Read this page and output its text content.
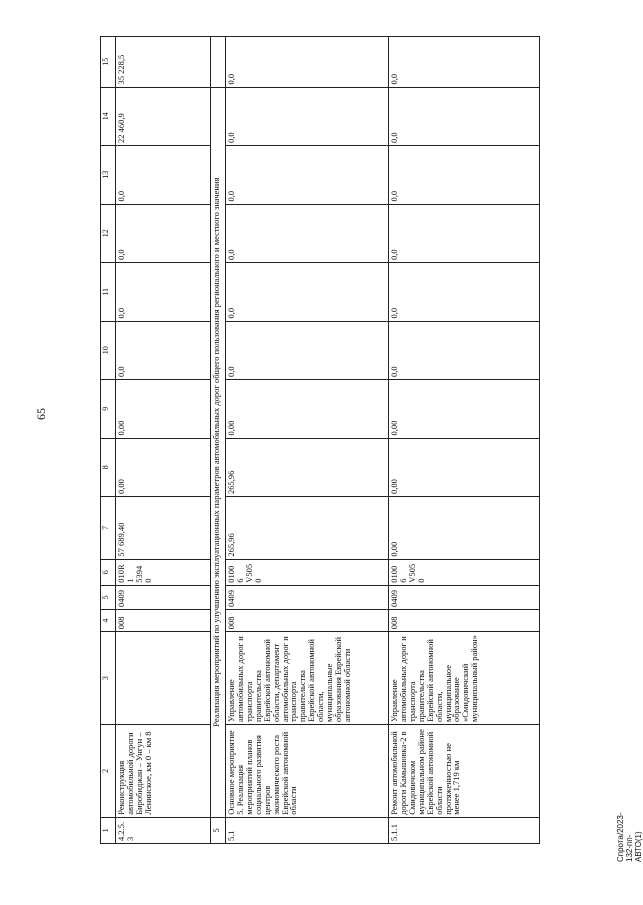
65
Спрота/2023-132-пп-АВТО(1)
1	2	3	4	5	6	7	8	9	10	11	12	13	14	15
4.2.5.3	Реконструкция автомобильной дороги Биробиджан – Унгун – Ленинское, км 0 – км 8		008	0409	010R1 53940	57 689,40	0,00	0,00	0,0	0,0	0,0	0,0	22 460,9	35 228,5
5	Реализация мероприятий по улучшению эксплуатационных параметров автомобильных дорог общего пользования регионального и местного значения													
5.1	Основное мероприятие 5. Реализация мероприятий планов социального развития центров экономического роста Еврейской автономной области	Управление автомобильных дорог и транспорта правительства Еврейской автономной области, департамент автомобильных дорог и транспорта правительства Еврейской автономной области, муниципальные образования Еврейской автономной области	008	0409	01006 V5050	265,96	265,96	0,00	0,0	0,0	0,0	0,0	0,0	0,0
5.1.1	Ремонт автомобильной дороги Камышовка-2 в Смидовичском муниципальном районе Еврейской автономной области протяженностью не менее 1,719 км	Управление автомобильных дорог и транспорта правительства Еврейской автономной области, муниципальное образование «Смидовичский муниципальный район»	008	0409	01006 V5050	0,00	0,00	0,00	0,0	0,0	0,0	0,0	0,0	0,0
